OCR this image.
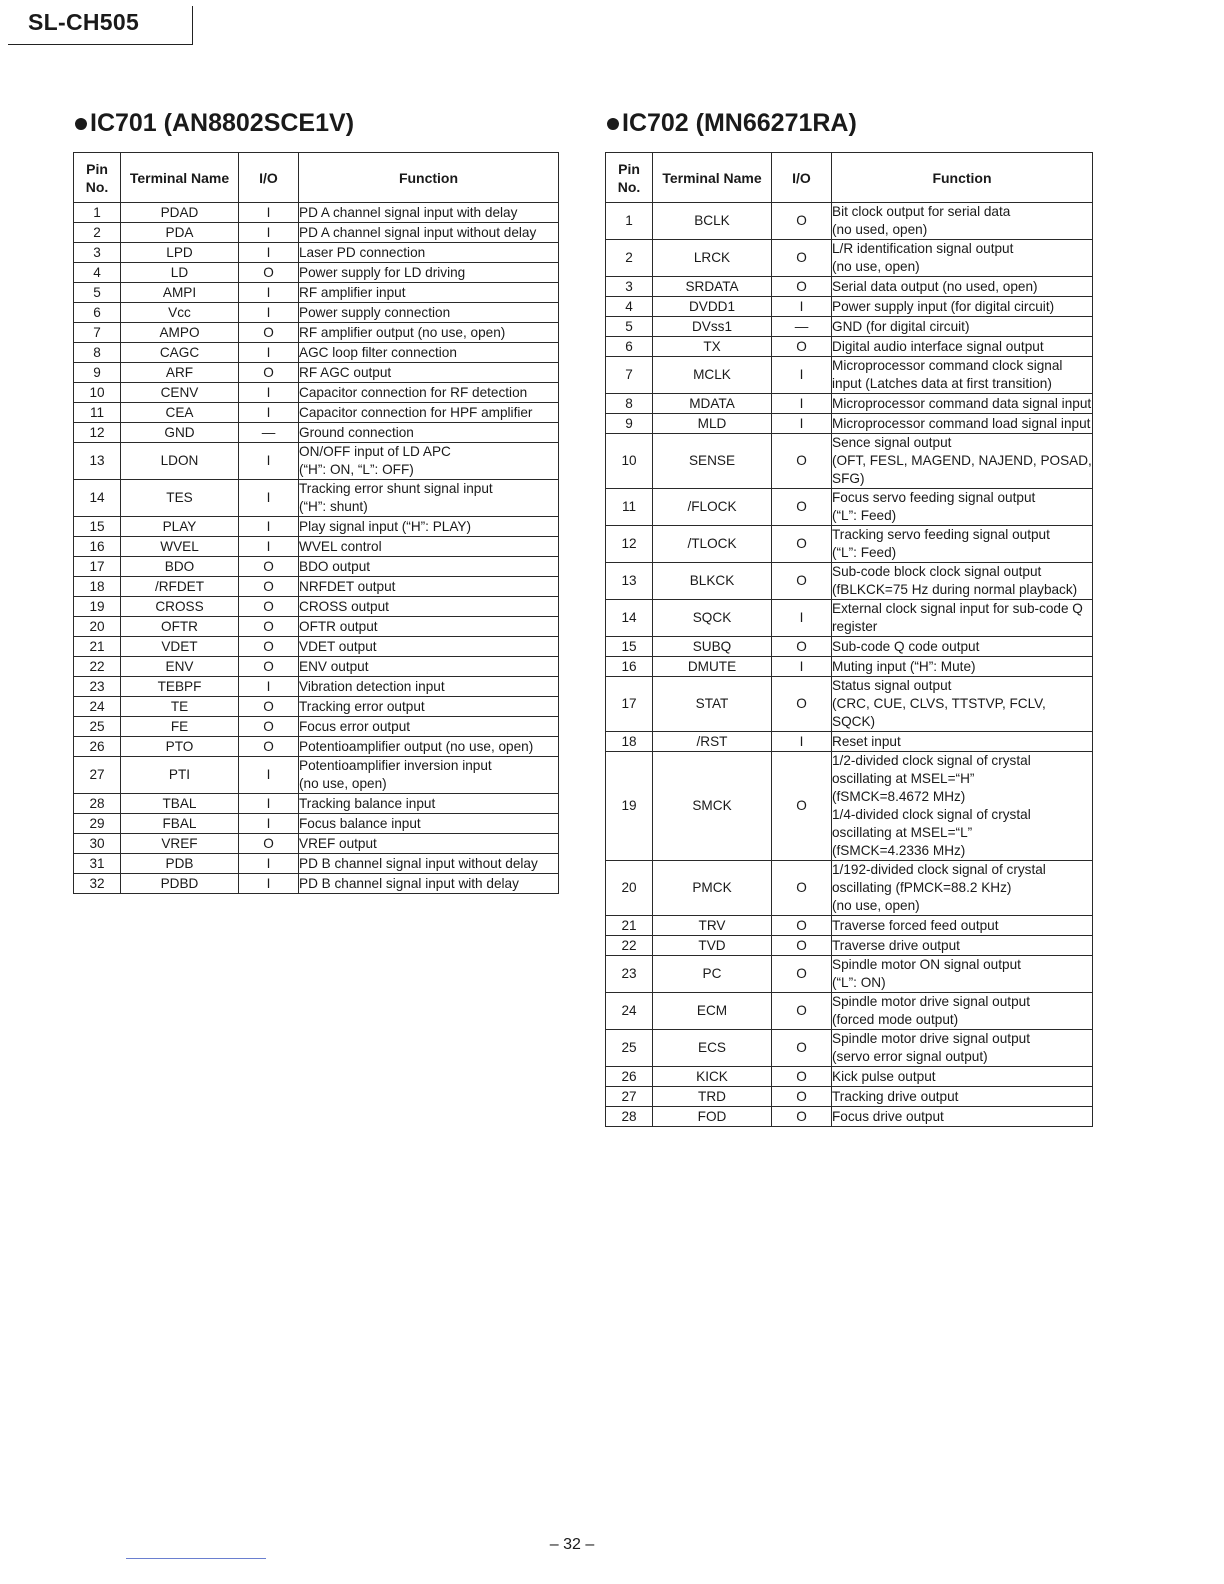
SL-CH505
IC701 (AN8802SCE1V)
Pin No.	Terminal Name	I/O	Function
1	PDAD	I	PD A channel signal input with delay
2	PDA	I	PD A channel signal input without delay
3	LPD	I	Laser PD connection
4	LD	O	Power supply for LD driving
5	AMPI	I	RF amplifier input
6	Vcc	I	Power supply connection
7	AMPO	O	RF amplifier output (no use, open)
8	CAGC	I	AGC loop filter connection
9	ARF	O	RF AGC output
10	CENV	I	Capacitor connection for RF detection
11	CEA	I	Capacitor connection for HPF amplifier
12	GND	—	Ground connection
13	LDON	I	ON/OFF input of LD APC
(“H”: ON, “L”: OFF)
14	TES	I	Tracking error shunt signal input
(“H”: shunt)
15	PLAY	I	Play signal input (“H”: PLAY)
16	WVEL	I	WVEL control
17	BDO	O	BDO output
18	/RFDET	O	NRFDET output
19	CROSS	O	CROSS output
20	OFTR	O	OFTR output
21	VDET	O	VDET output
22	ENV	O	ENV output
23	TEBPF	I	Vibration detection input
24	TE	O	Tracking error output
25	FE	O	Focus error output
26	PTO	O	Potentioamplifier output (no use, open)
27	PTI	I	Potentioamplifier inversion input
(no use, open)
28	TBAL	I	Tracking balance input
29	FBAL	I	Focus balance input
30	VREF	O	VREF output
31	PDB	I	PD B channel signal input without delay
32	PDBD	I	PD B channel signal input with delay
IC702 (MN66271RA)
Pin No.	Terminal Name	I/O	Function
1	BCLK	O	Bit clock output for serial data
(no used, open)
2	LRCK	O	L/R identification signal output
(no use, open)
3	SRDATA	O	Serial data output (no used, open)
4	DVDD1	I	Power supply input (for digital circuit)
5	DVss1	—	GND (for digital circuit)
6	TX	O	Digital audio interface signal output
7	MCLK	I	Microprocessor command clock signal input (Latches data at first transition)
8	MDATA	I	Microprocessor command data signal input
9	MLD	I	Microprocessor command load signal input
10	SENSE	O	Sence signal output
(OFT, FESL, MAGEND, NAJEND, POSAD, SFG)
11	/FLOCK	O	Focus servo feeding signal output
(“L”: Feed)
12	/TLOCK	O	Tracking servo feeding signal output
(“L”: Feed)
13	BLKCK	O	Sub-code block clock signal output
(fBLKCK=75 Hz during normal playback)
14	SQCK	I	External clock signal input for sub-code Q register
15	SUBQ	O	Sub-code Q code output
16	DMUTE	I	Muting input (“H”: Mute)
17	STAT	O	Status signal output
(CRC, CUE, CLVS, TTSTVP, FCLV, SQCK)
18	/RST	I	Reset input
19	SMCK	O	1/2-divided clock signal of crystal oscillating at MSEL=“H”
(fSMCK=8.4672 MHz)
1/4-divided clock signal of crystal oscillating at MSEL=“L”
(fSMCK=4.2336 MHz)
20	PMCK	O	1/192-divided clock signal of crystal oscillating (fPMCK=88.2 KHz)
(no use, open)
21	TRV	O	Traverse forced feed output
22	TVD	O	Traverse drive output
23	PC	O	Spindle motor ON signal output
(“L”: ON)
24	ECM	O	Spindle motor drive signal output
(forced mode output)
25	ECS	O	Spindle motor drive signal output
(servo error signal output)
26	KICK	O	Kick pulse output
27	TRD	O	Tracking drive output
28	FOD	O	Focus drive output

– 32 –
